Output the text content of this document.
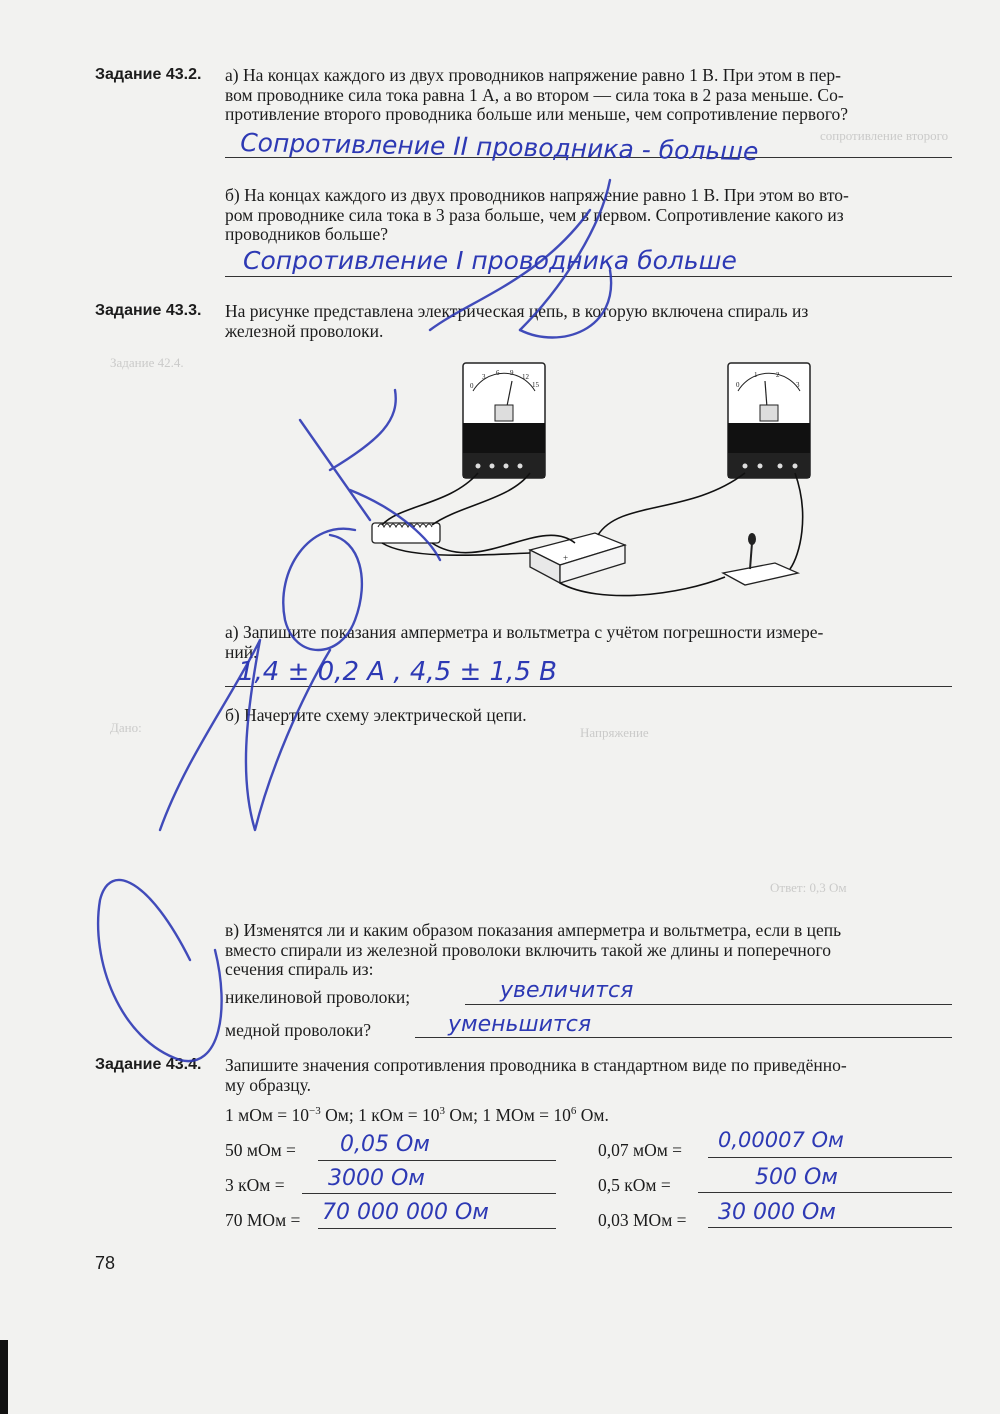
Задание 42.4.
сопротивление второго
Ответ: 0,3 Ом
Дано:	Напряжение
Задание 43.2. а) На концах каждого из двух проводников напряжение равно 1 В. При этом в пер-
вом проводнике сила тока равна 1 А, а во втором — сила тока в 2 раза меньше. Со-
противление второго проводника больше или меньше, чем сопротивление первого?
Сопротивление II проводника - больше
б) На концах каждого из двух проводников напряжение равно 1 В. При этом во вто-
ром проводнике сила тока в 3 раза больше, чем в первом. Сопротивление какого из
проводников больше?
Сопротивление I проводника больше
Задание 43.3. На рисунке представлена электрическая цепь, в которую включена спираль из
железной проволоки.
0
3 6 9 12
15	0
1	2
3
+
а) Запишите показания амперметра и вольтметра с учётом погрешности измере-
ний.
1,4 ± 0,2 А , 4,5 ± 1,5 В
б) Начертите схему электрической цепи.
в) Изменятся ли и каким образом показания амперметра и вольтметра, если в цепь
вместо спирали из железной проволоки включить такой же длины и поперечного
сечения спираль из:
никелиновой проволоки;	увеличится
медной проволоки?	уменьшится
Задание 43.4. Запишите значения сопротивления проводника в стандартном виде по приведённо-
му образцу.
1 мОм = $10^{-3}$ Ом; 1 кОм = $10^3$ Ом; 1 МОм = $10^6$ Ом.
50 мОм = 0,05 Ом	0,07 мОм = 0,00007 Ом
3 кОм = 3000 Ом	0,5 кОм =	500 Ом
70 МОм = 70 000 000 Ом	0,03 МОм = 30 000 Ом
78
